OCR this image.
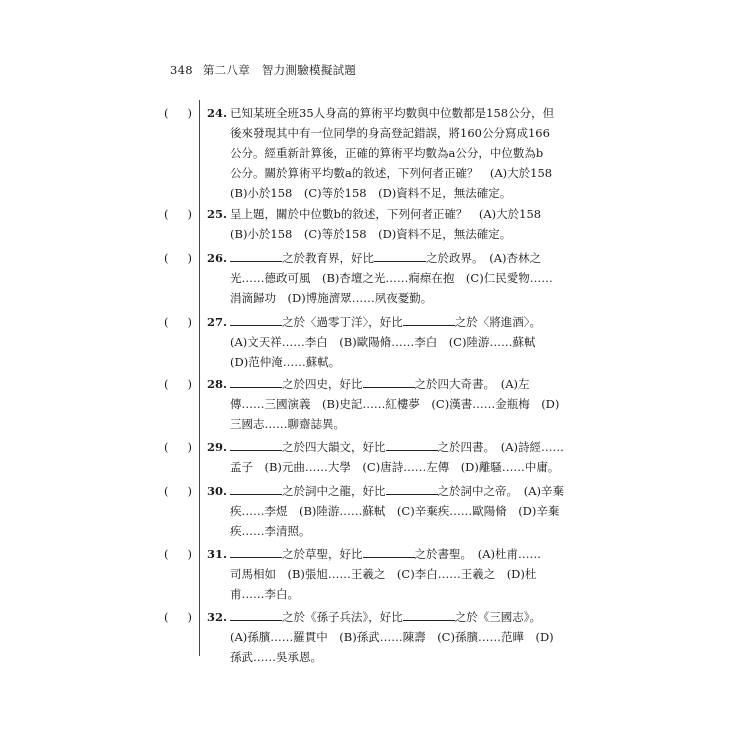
348 第二八章　智力測驗模擬試題
( ) 24. 已知某班全班35人身高的算術平均數與中位數都是158公分，但
後來發現其中有一位同學的身高登記錯誤，將160公分寫成166
公分。經重新計算後，正確的算術平均數為a公分，中位數為b
公分。關於算術平均數a的敘述，下列何者正確？　(A)大於158
(B)小於158　(C)等於158　(D)資料不足，無法確定。
( ) 25. 呈上題，關於中位數b的敘述，下列何者正確？　(A)大於158
(B)小於158　(C)等於158　(D)資料不足，無法確定。
( ) 26.	之於教育界，好比	之於政界。　(A)杏林之
光……德政可風　(B)杏壇之光……痌瘝在抱　(C)仁民愛物……
涓滴歸功　(D)博施濟眾……夙夜憂勤。
( ) 27.	之於〈過零丁洋〉，好比	之於〈將進酒〉。
(A)文天祥……李白　(B)歐陽脩……李白　(C)陸游……蘇軾
(D)范仲淹……蘇軾。
( ) 28.	之於四史，好比	之於四大奇書。　(A)左
傳……三國演義　(B)史記……紅樓夢　(C)漢書……金瓶梅　(D)
三國志……聊齋誌異。
( ) 29.	之於四大韻文，好比	之於四書。　(A)詩經……
孟子　(B)元曲……大學　(C)唐詩……左傳　(D)離騷……中庸。
( ) 30.	之於詞中之龍，好比	之於詞中之帝。　(A)辛棄
疾……李煜　(B)陸游……蘇軾　(C)辛棄疾……歐陽脩　(D)辛棄
疾……李清照。
( ) 31.	之於草聖，好比	之於書聖。　(A)杜甫……
司馬相如　(B)張旭……王羲之　(C)李白……王羲之　(D)杜
甫……李白。
( ) 32.	之於《孫子兵法》，好比	之於《三國志》。
(A)孫臏……羅貫中　(B)孫武……陳壽　(C)孫臏……范曄　(D)
孫武……吳承恩。
